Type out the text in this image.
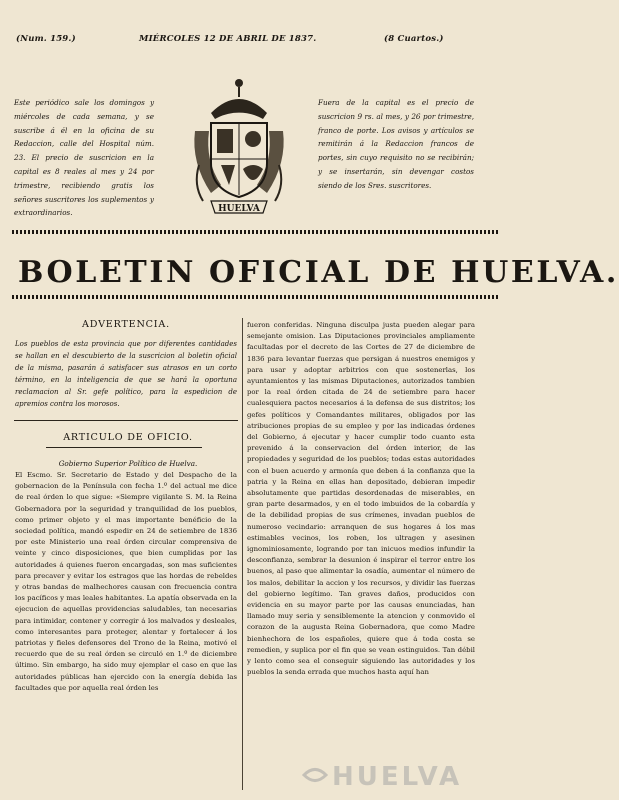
(Num. 159.)	MIÉRCOLES 12 DE ABRIL DE 1837.	(8 Cuartos.)

Este periódico sale los domingos y miércoles de cada semana, y se suscribe á él en la oficina de su Redaccion, calle del Hospital núm. 23. El precio de suscricion en la capital es 8 reales al mes y 24 por trimestre, recibiendo gratis los señores suscritores los suplementos y extraordinarios.

Fuera de la capital es el precio de suscricion 9 rs. al mes, y 26 por trimestre, franco de porte. Los avisos y artículos se remitirán á la Redaccion francos de portes, sin cuyo requisito no se recibirán; y se insertarán, sin devengar costos siendo de los Sres. suscritores.

HUELVA
BOLETIN OFICIAL DE HUELVA.
ADVERTENCIA.

Los pueblos de esta provincia que por diferentes cantidades se hallan en el descubierto de la suscricion al boletin oficial de la misma, pasarán á satisfacer sus atrasos en un corto término, en la inteligencia de que se hará la oportuna reclamacion al Sr. gefe político, para la espedicion de apremios contra los morosos.

ARTICULO DE OFICIO.
Gobierno Superior Político de Huelva.

El Escmo. Sr. Secretario de Estado y del Despacho de la gobernacion de la Península con fecha 1.º del actual me dice de real órden lo que sigue: «Siempre vigilante S. M. la Reina Gobernadora por la seguridad y tranquilidad de los pueblos, como primer objeto y el mas importante benéficio de la sociedad política, mandó espedir en 24 de setiembre de 1836 por este Ministerio una real órden circular comprensiva de veinte y cinco disposiciones, que bien cumplidas por las autoridades á quienes fueron encargadas, son mas suficientes para precaver y evitar los estragos que las hordas de rebeldes y otras bandas de malhechores causan con frecuencia contra los pacíficos y mas leales habitantes. La apatía observada en la ejecucion de aquellas providencias saludables, tan necesarias para intimidar, contener y corregir á los malvados y desleales, como interesantes para proteger, alentar y fortalecer á los patriotas y fieles defensores del Trono de la Reina, motivó el recuerdo que de su real órden se circuló en 1.º de diciembre último. Sin embargo, ha sido muy ejemplar el caso en que las autoridades públicas han ejercido con la energía debida las facultades que por aquella real órden les

fueron conferidas. Ninguna disculpa justa pueden alegar para semejante omision. Las Diputaciones provinciales ampliamente facultadas por el decreto de las Cortes de 27 de diciembre de 1836 para levantar fuerzas que persigan á nuestros enemigos y para usar y adoptar arbitrios con que sostenerlas, los ayuntamientos y las mismas Diputaciones, autorizados tambien por la real órden citada de 24 de setiembre para hacer cualesquiera pactos necesarios á la defensa de sus distritos; los gefes políticos y Comandantes militares, obligados por las atribuciones propias de su empleo y por las indicadas órdenes del Gobierno, á ejecutar y hacer cumplir todo cuanto esta prevenido á la conservacion del órden interior, de las propiedades y seguridad de los pueblos; todas estas autoridades con el buen acuerdo y armonía que deben á la confianza que la patria y la Reina en ellas han depositado, debieran impedir absolutamente que partidas desordenadas de miserables, en gran parte desarmados, y en el todo imbuidos de la cobardía y de la debilidad propias de sus crímenes, invadan pueblos de numeroso vecindario: arranquen de sus hogares á los mas estimables vecinos, los roben, los ultragen y asesinen ignominiosamente, logrando por tan inicuos medios infundir la desconfianza, sembrar la desunion é inspirar el terror entre los buenos, al paso que alimentar la osadía, aumentar el número de los malos, debilitar la accion y los recursos, y dividir las fuerzas del gobierno legítimo. Tan graves daños, producidos con evidencia en su mayor parte por las causas enunciadas, han llamado muy seria y sensiblemente la atencion y conmovido el corazon de la augusta Reina Gobernadora, que como Madre bienhechora de los españoles, quiere que á toda costa se remedien, y suplica por el fin que se vean estinguidos. Tan débil y lento como sea el conseguir siguiendo las autoridades y los pueblos la senda errada que muchos hasta aquí han

HUELVA
